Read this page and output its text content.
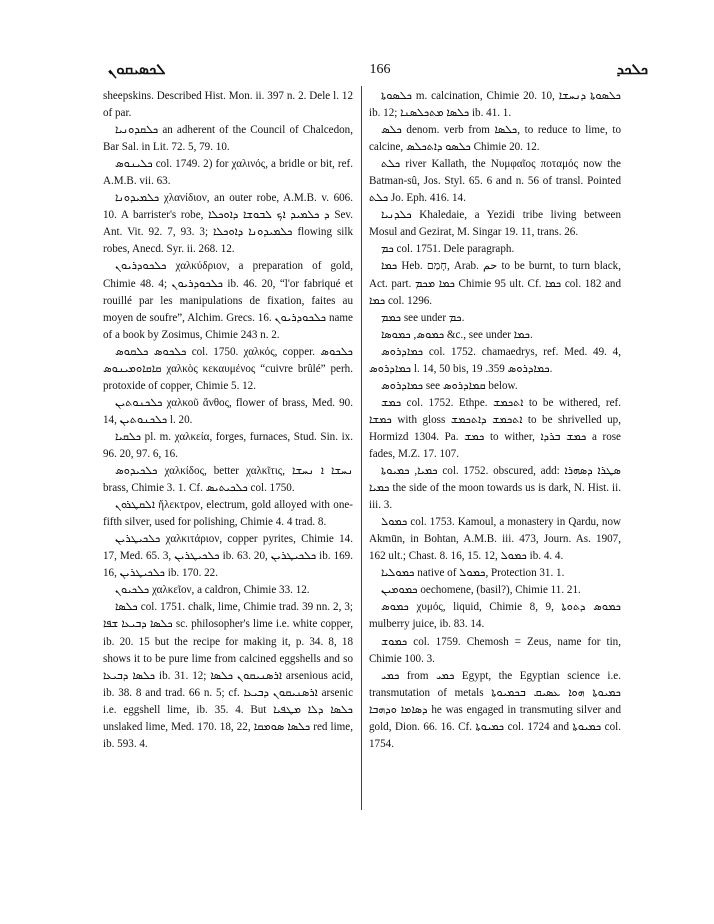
ܠܟܣܝܩܘܢ	166	ܟܠܟܕ

sheepskins. Described Hist. Mon. ii. 397 n. 2. Dele l. 12 of par.

ܟܠܩܕܘܢܝܐ an adherent of the Council of Chalcedon, Bar Sal. in Lit. 72. 5, 79. 10.

ܟܠܝܢܘܣ col. 1749. 2) for χαλινός, a bridle or bit, ref. A.M.B. vii. 63.

ܟܠܡܝܕܘܢܐ χλανίδιον, an outer robe, A.M.B. v. 606. 10. A barrister's robe, ܕ ܟܠܡܝܕ ܐܟ ܠܒܘܫܐ ܕܐܘܟܠܐ Sev. Ant. Vit. 92. 7, 93. 3; ܟܠܡܝܕܘܢܐ ܕܐܘܟܠܐ flowing silk robes, Anecd. Syr. ii. 268. 12.

ܟܠܟܘܕܪܝܘܢ χαλκύδριον, a preparation of gold, Chimie 48. 4; ܟܠܟܘܕܪܝܘܢ ib. 46. 20, “l'or fabriqué et rouillé par les manipulations de fixation, faites au moyen de soufre”, Alchim. Grecs. 16. ܟܠܟܘܕܪܝܘܢ name of a book by Zosimus, Chimie 243 n. 2.

ܟܠܟܘܣ ܟܠܩܘܣ col. 1750. χαλκός, copper. ܟܠܟܘܣ ܩܐܩܐܘܡܝܢܘܣ χαλκὸς κεκαυμένος “cuivre brûlé” perh. protoxide of copper, Chimie 5. 12.

ܟܠܟܢܘܬܝܢ χαλκοῦ ἄνθος, flower of brass, Med. 90. 14, ܟܠܟܢܘܬܝܢ l. 20.

ܟܠܩܝܐ pl. m. χαλκεία, forges, furnaces, Stud. Sin. ix. 96. 20, 97. 6, 16.

ܟܠܟܝܕܘܣ χαλκίδος, better χαλκῖτις, ܢܚܫܐ ܐ ܢܚܫܐ brass, Chimie 3. 1. Cf. ܟܠܟܝܬܝܣ col. 1750.

ܐܠܩܛܪܘܢ ἤλεκτρον, electrum, gold alloyed with one-fifth silver, used for polishing, Chimie 4. 4 trad. 8.

ܟܠܟܝܛܪܝܢ χαλκιτάριον, copper pyrites, Chimie 14. 17, Med. 65. 3, ܟܠܟܝܛܪܝܢ ib. 63. 20, ܟܠܟܝܛܪܝܢ ib. 169. 16, ܟܠܟܝܛܪܝܢ ib. 170. 22.

ܟܠܟܝܘܢ χαλκεῖον, a caldron, Chimie 33. 12.

ܟܠܣܐ col. 1751. chalk, lime, Chimie trad. 39 nn. 2, 3; ܟܠܣܐ ܕܒܝܥܐ ܫܦܐ sc. philosopher's lime i.e. white copper, ib. 20. 15 but the recipe for making it, p. 34. 8, 18 shows it to be pure lime from calcined eggshells and so ܟܠܣܐ ܕܒܝܥܐ ib. 31. 12; ܐܪܣܢܝܩܘܢ ܟܠܣܐ arsenious acid, ib. 38. 8 and trad. 66 n. 5; cf. ܐܪܣܢܝܩܘܢ ܕܒܝܥܐ arsenic i.e. eggshell lime, ib. 35. 4. But ܟܠܣܐ ܕܠܐ ܡܛܦܝܐ unslaked lime, Med. 170. 18, 22, ܟܠܣܐ ܣܘܡܩܐ red lime, ib. 593. 4.

ܟܠܣܘܬܐ m. calcination, Chimie 20. 10, ܟܠܣܘܬܐ ܕܢܚܫܐ ib. 12; ܟܠܣܐ ܡܬܟܠܣܢܐ ib. 41. 1.

ܟܠܣ denom. verb from ܟܠܣܐ, to reduce to lime, to calcine, ܟܠܣܘ ܕܐܬܟܠܣ Chimie 20. 12.

ܟܠܬ river Kallath, the Νυμφαῖος ποταμός now the Batman-sû, Jos. Styl. 65. 6 and n. 56 of transl. Pointed ܟܠܬ Jo. Eph. 416. 14.

ܟܠܕܢܝܐ Khaledaie, a Yezidi tribe living between Mosul and Gezirat, M. Singar 19. 11, trans. 26.

ܟܡ col. 1751. Dele paragraph.

ܟܡܐ Heb. חָמַם, Arab. حم to be burnt, to turn black, Act. part. ܟܡܐ ܡܟܡ Chimie 95 ult. Cf. ܟܡܐ col. 182 and ܟܡܐ col. 1296.

ܟܡܡ see under ܟܡ.

ܟܡܘܣ, ܟܡܘܣܐ &c., see under ܟܡܐ.

ܟܡܐܕܪܘܣ col. 1752. chamaedrys, ref. Med. 49. 4, ܟܡܐܕܪܘܣ l. 14, 50 bis, ܟܡܐܕܪܘܣ 359. 19.

ܟܡܐܕܪܘܣ see ܩܡܐܕܪܘܣ below.

ܟܡܫ col. 1752. Ethpe. ܐܬܟܡܫ to be withered, ref. ܟܡܫܐ with gloss ܐܬܟܡܫ ܕܐܬܟܡܫ to be shrivelled up, Hormizd 1304. Pa. ܟܡܫ to wither, ܟܡܫ ܒܪܕܐ a rose fades, M.Z. 17. 107.

ܟܡܝܐ, ܟܡܝܘܬܐ col. 1752. obscured, add: ܣܛܪܐ ܕܣܗܪܐ ܟܡܝܐ the side of the moon towards us is dark, N. Hist. ii. iii. 3.

ܟܡܘܠ col. 1753. Kamoul, a monastery in Qardu, now Akmūn, in Bohtan, A.M.B. iii. 473, Journ. As. 1907, 162 ult.; Chast. 8. 16, 15. 12, ܟܡܘܠ ib. 4. 4.

ܟܡܘܠܝܐ native of ܟܡܘܠ, Protection 31. 1.

ܟܡܘܡܝܢ oechomene, (basil?), Chimie 11. 21.

ܟܡܘܣ χυμός, liquid, Chimie 8, 9, ܟܡܘܣ ܕܬܘܬܐ mulberry juice, ib. 83. 14.

ܟܡܘܫ col. 1759. Chemosh = Zeus, name for tin, Chimie 100. 3.

ܟܡܝ from ܟܡܝ Egypt, the Egyptian science i.e. transmutation of metals ܟܡܝܘܬܐ ܗܘܐ ܥܣܝܩ ܒܟܡܝܘܬܐ ܕܣܐܡܐ ܘܕܗܒܐ he was engaged in transmuting silver and gold, Dion. 66. 16. Cf. ܟܡܝܘܬܐ col. 1724 and ܟܡܝܘܬܐ col. 1754.
